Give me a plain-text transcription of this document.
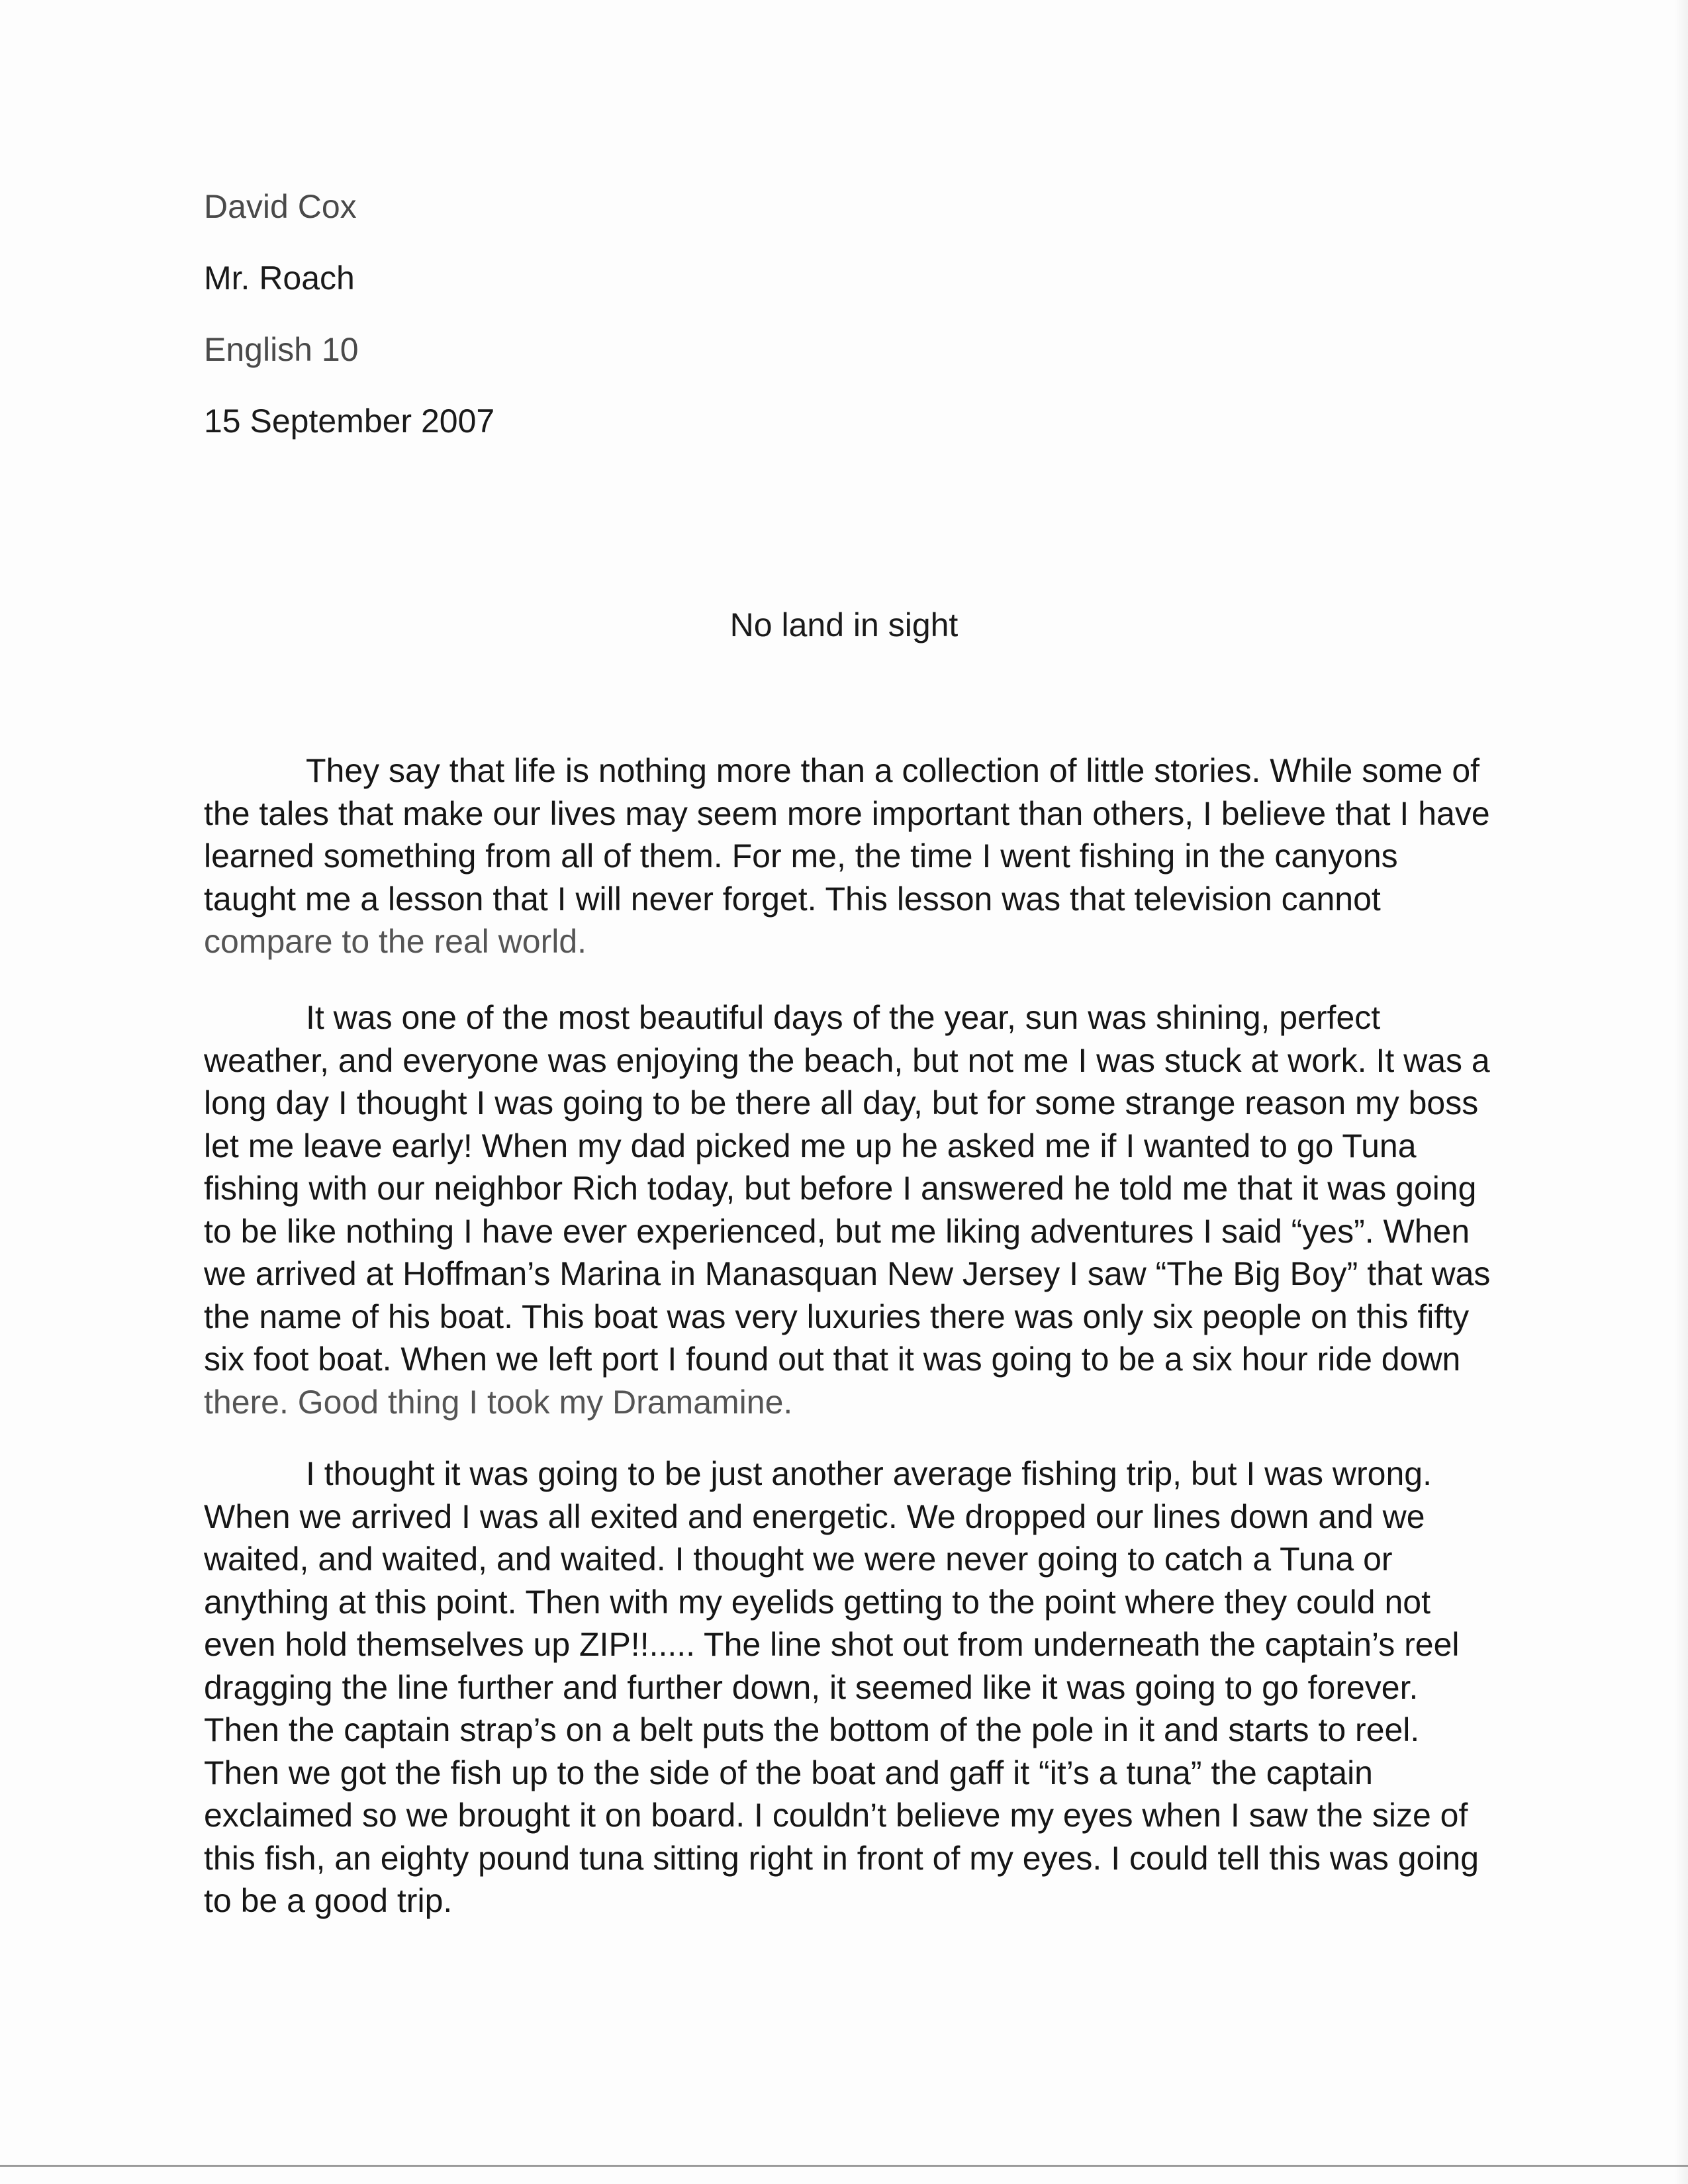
David Cox
Mr. Roach
English 10
15 September 2007
No land in sight
They say that life is nothing more than a collection of little stories. While some of
the tales that make our lives may seem more important than others, I believe that I have
learned something from all of them. For me, the time I went fishing in the canyons
taught me a lesson that I will never forget. This lesson was that television cannot
compare to the real world.
It was one of the most beautiful days of the year, sun was shining, perfect
weather, and everyone was enjoying the beach, but not me I was stuck at work. It was a
long day I thought I was going to be there all day, but for some strange reason my boss
let me leave early! When my dad picked me up he asked me if I wanted to go Tuna
fishing with our neighbor Rich today, but before I answered he told me that it was going
to be like nothing I have ever experienced, but me liking adventures I said “yes”. When
we arrived at Hoffman’s Marina in Manasquan New Jersey I saw “The Big Boy” that was
the name of his boat. This boat was very luxuries there was only six people on this fifty
six foot boat. When we left port I found out that it was going to be a six hour ride down
there. Good thing I took my Dramamine.
I thought it was going to be just another average fishing trip, but I was wrong.
When we arrived I was all exited and energetic. We dropped our lines down and we
waited, and waited, and waited. I thought we were never going to catch a Tuna or
anything at this point. Then with my eyelids getting to the point where they could not
even hold themselves up ZIP!!..... The line shot out from underneath the captain’s reel
dragging the line further and further down, it seemed like it was going to go forever.
Then the captain strap’s on a belt puts the bottom of the pole in it and starts to reel.
Then we got the fish up to the side of the boat and gaff it “it’s a tuna” the captain
exclaimed so we brought it on board. I couldn’t believe my eyes when I saw the size of
this fish, an eighty pound tuna sitting right in front of my eyes. I could tell this was going
to be a good trip.
